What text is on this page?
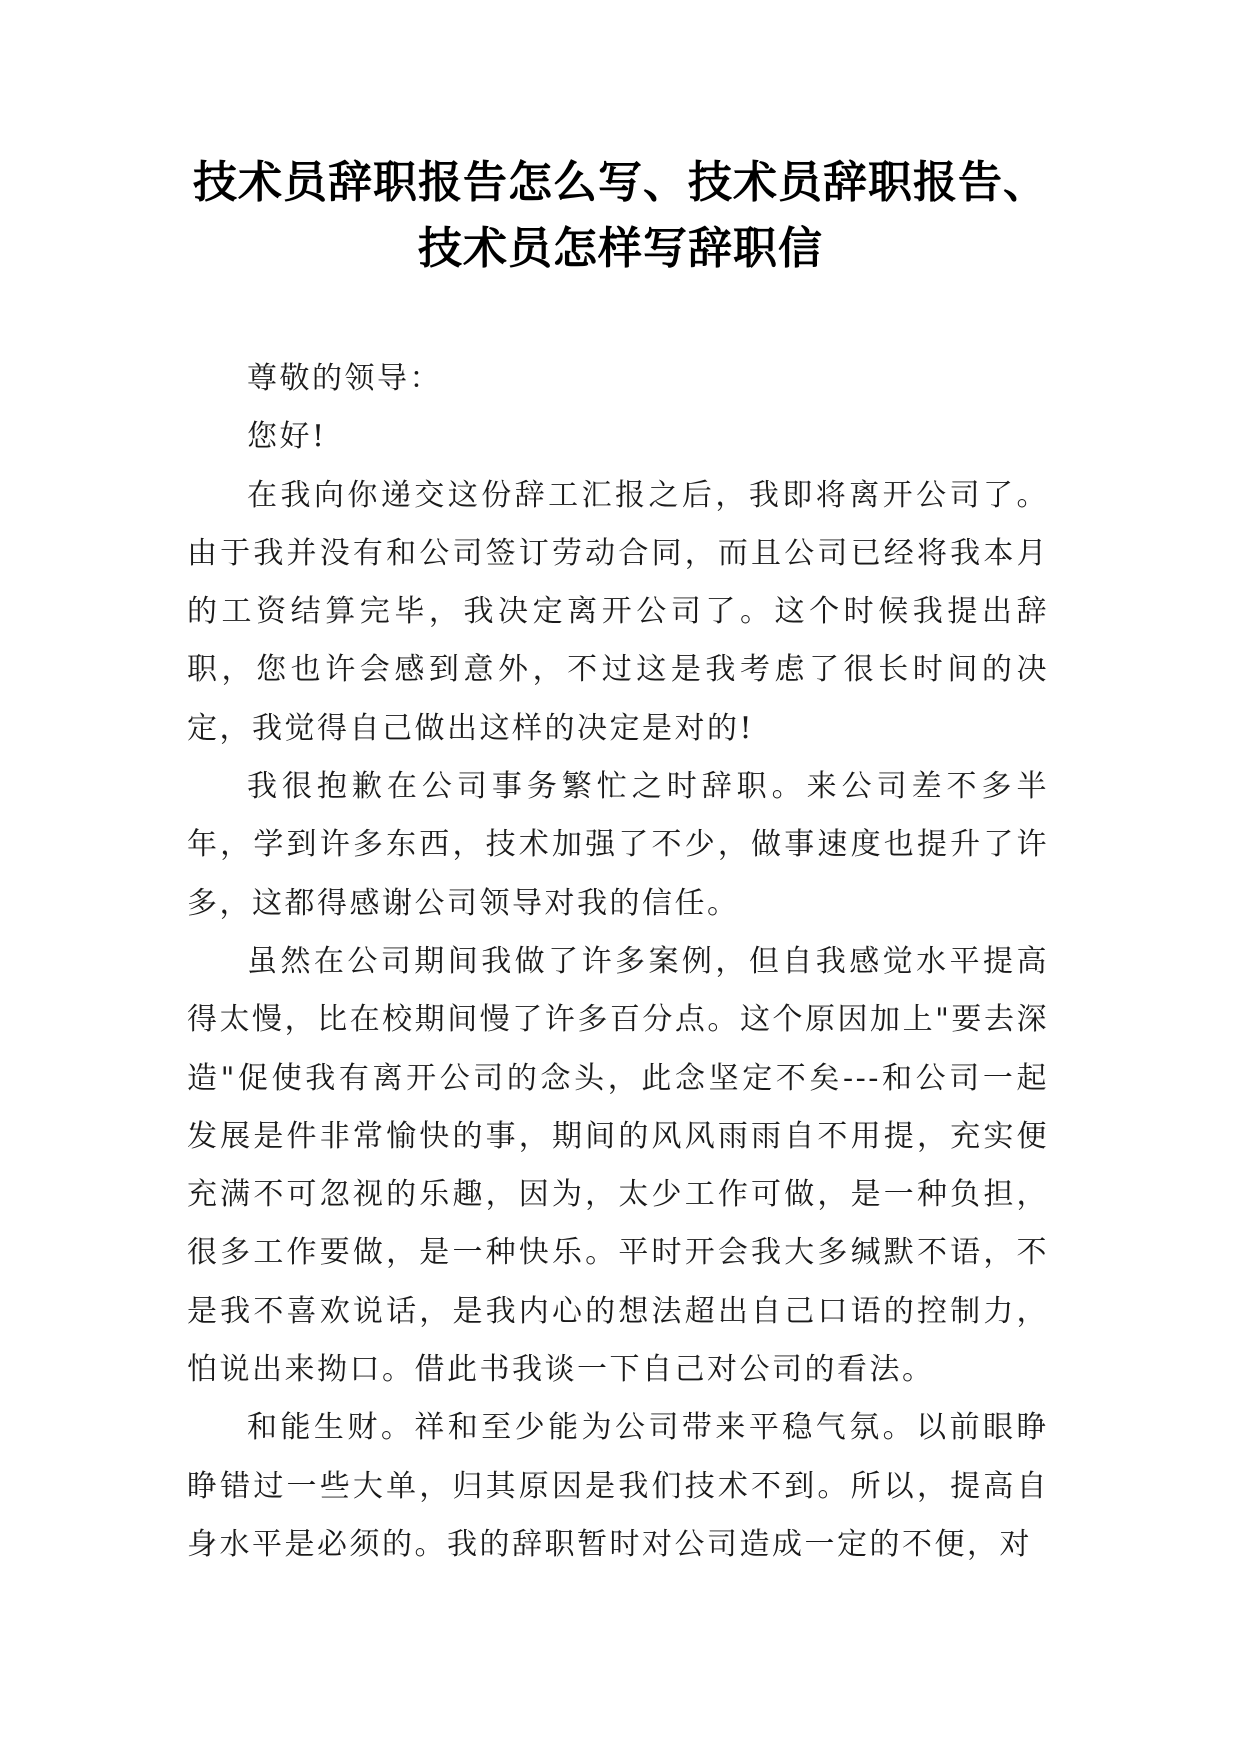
技术员辞职报告怎么写、技术员辞职报告、
技术员怎样写辞职信

尊敬的领导：

您好!

在我向你递交这份辞工汇报之后，我即将离开公司了。由于我并没有和公司签订劳动合同，而且公司已经将我本月的工资结算完毕，我决定离开公司了。这个时候我提出辞职，您也许会感到意外，不过这是我考虑了很长时间的决定，我觉得自己做出这样的决定是对的!

我很抱歉在公司事务繁忙之时辞职。来公司差不多半年，学到许多东西，技术加强了不少，做事速度也提升了许多，这都得感谢公司领导对我的信任。

虽然在公司期间我做了许多案例，但自我感觉水平提高得太慢，比在校期间慢了许多百分点。这个原因加上"要去深造"促使我有离开公司的念头，此念坚定不矣---和公司一起发展是件非常愉快的事，期间的风风雨雨自不用提，充实便充满不可忽视的乐趣，因为，太少工作可做，是一种负担，很多工作要做，是一种快乐。平时开会我大多缄默不语，不是我不喜欢说话，是我内心的想法超出自己口语的控制力，怕说出来拗口。借此书我谈一下自己对公司的看法。

和能生财。祥和至少能为公司带来平稳气氛。以前眼睁睁错过一些大单，归其原因是我们技术不到。所以，提高自身水平是必须的。我的辞职暂时对公司造成一定的不便，对
